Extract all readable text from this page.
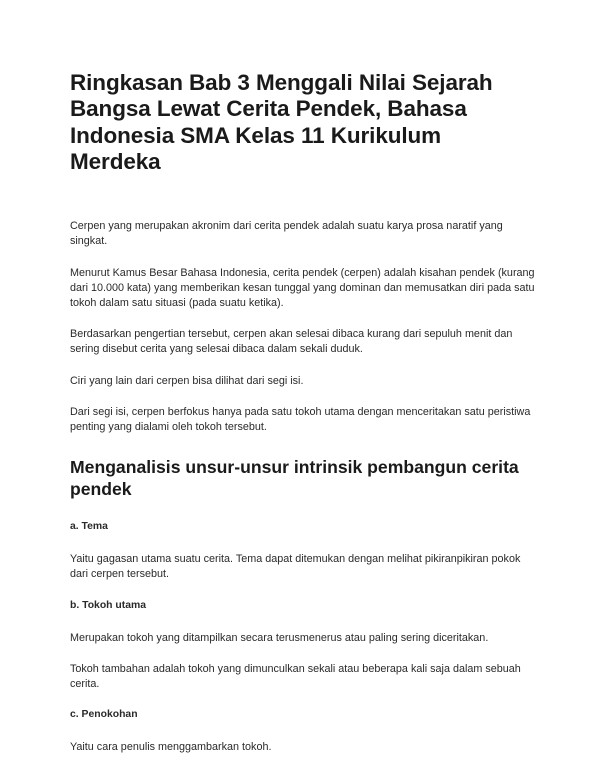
Ringkasan Bab 3 Menggali Nilai Sejarah Bangsa Lewat Cerita Pendek, Bahasa Indonesia SMA Kelas 11 Kurikulum Merdeka

Cerpen yang merupakan akronim dari cerita pendek adalah suatu karya prosa naratif yang singkat.

Menurut Kamus Besar Bahasa Indonesia, cerita pendek (cerpen) adalah kisahan pendek (kurang dari 10.000 kata) yang memberikan kesan tunggal yang dominan dan memusatkan diri pada satu tokoh dalam satu situasi (pada suatu ketika).

Berdasarkan pengertian tersebut, cerpen akan selesai dibaca kurang dari sepuluh menit dan sering disebut cerita yang selesai dibaca dalam sekali duduk.

Ciri yang lain dari cerpen bisa dilihat dari segi isi.

Dari segi isi, cerpen berfokus hanya pada satu tokoh utama dengan menceritakan satu peristiwa penting yang dialami oleh tokoh tersebut.

Menganalisis unsur-unsur intrinsik pembangun cerita pendek
a. Tema

Yaitu gagasan utama suatu cerita. Tema dapat ditemukan dengan melihat pikiranpikiran pokok dari cerpen tersebut.

b. Tokoh utama

Merupakan tokoh yang ditampilkan secara terusmenerus atau paling sering diceritakan.

Tokoh tambahan adalah tokoh yang dimunculkan sekali atau beberapa kali saja dalam sebuah cerita.

c. Penokohan

Yaitu cara penulis menggambarkan tokoh.
